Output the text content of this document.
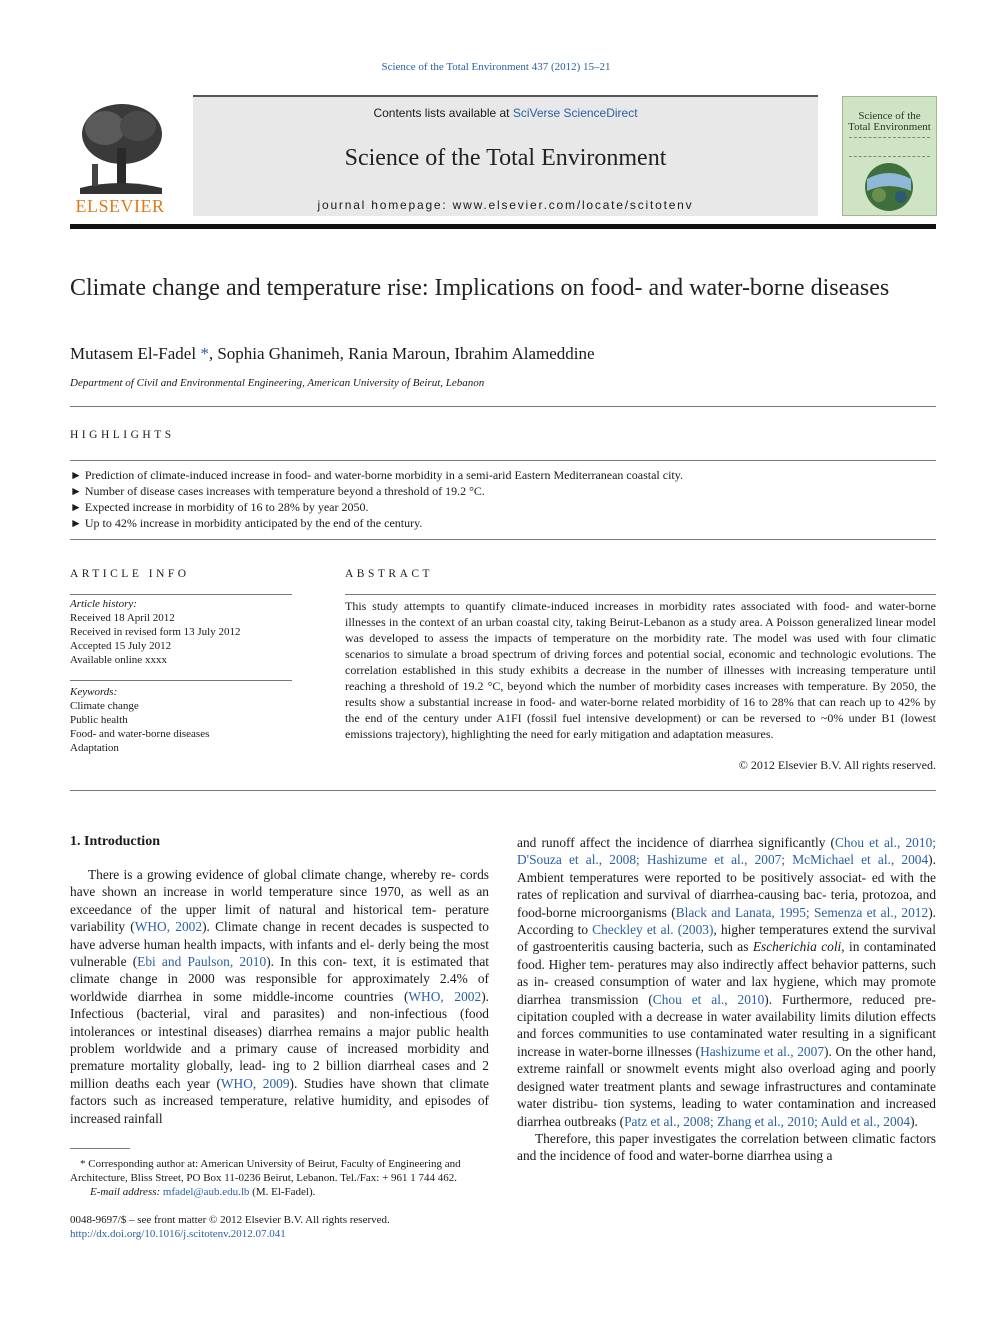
Science of the Total Environment 437 (2012) 15–21
ELSEVIER
Contents lists available at SciVerse ScienceDirect
Science of the Total Environment
journal homepage: www.elsevier.com/locate/scitotenv
Science of the Total Environment
Climate change and temperature rise: Implications on food- and water-borne diseases
Mutasem El-Fadel *, Sophia Ghanimeh, Rania Maroun, Ibrahim Alameddine
Department of Civil and Environmental Engineering, American University of Beirut, Lebanon
HIGHLIGHTS
► Prediction of climate-induced increase in food- and water-borne morbidity in a semi-arid Eastern Mediterranean coastal city.
► Number of disease cases increases with temperature beyond a threshold of 19.2 °C.
► Expected increase in morbidity of 16 to 28% by year 2050.
► Up to 42% increase in morbidity anticipated by the end of the century.
ARTICLE INFO
Article history:
Received 18 April 2012
Received in revised form 13 July 2012
Accepted 15 July 2012
Available online xxxx
Keywords:
Climate change
Public health
Food- and water-borne diseases
Adaptation
ABSTRACT
This study attempts to quantify climate-induced increases in morbidity rates associated with food- and water-borne illnesses in the context of an urban coastal city, taking Beirut-Lebanon as a study area. A Poisson generalized linear model was developed to assess the impacts of temperature on the morbidity rate. The model was used with four climatic scenarios to simulate a broad spectrum of driving forces and potential social, economic and technologic evolutions. The correlation established in this study exhibits a decrease in the number of illnesses with increasing temperature until reaching a threshold of 19.2 °C, beyond which the number of morbidity cases increases with temperature. By 2050, the results show a substantial increase in food- and water-borne related morbidity of 16 to 28% that can reach up to 42% by the end of the century under A1FI (fossil fuel intensive development) or can be reversed to ~0% under B1 (lowest emissions trajectory), highlighting the need for early mitigation and adaptation measures.
© 2012 Elsevier B.V. All rights reserved.
1. Introduction
There is a growing evidence of global climate change, whereby re- cords have shown an increase in world temperature since 1970, as well as an exceedance of the upper limit of natural and historical tem- perature variability (WHO, 2002). Climate change in recent decades is suspected to have adverse human health impacts, with infants and el- derly being the most vulnerable (Ebi and Paulson, 2010). In this con- text, it is estimated that climate change in 2000 was responsible for approximately 2.4% of worldwide diarrhea in some middle-income countries (WHO, 2002). Infectious (bacterial, viral and parasites) and non-infectious (food intolerances or intestinal diseases) diarrhea remains a major public health problem worldwide and a primary cause of increased morbidity and premature mortality globally, lead- ing to 2 billion diarrheal cases and 2 million deaths each year (WHO, 2009). Studies have shown that climate factors such as increased temperature, relative humidity, and episodes of increased rainfall
and runoff affect the incidence of diarrhea significantly (Chou et al., 2010; D'Souza et al., 2008; Hashizume et al., 2007; McMichael et al., 2004). Ambient temperatures were reported to be positively associat- ed with the rates of replication and survival of diarrhea-causing bac- teria, protozoa, and food-borne microorganisms (Black and Lanata, 1995; Semenza et al., 2012). According to Checkley et al. (2003), higher temperatures extend the survival of gastroenteritis causing bacteria, such as Escherichia coli, in contaminated food. Higher tem- peratures may also indirectly affect behavior patterns, such as in- creased consumption of water and lax hygiene, which may promote diarrhea transmission (Chou et al., 2010). Furthermore, reduced pre- cipitation coupled with a decrease in water availability limits dilution effects and forces communities to use contaminated water resulting in a significant increase in water-borne illnesses (Hashizume et al., 2007). On the other hand, extreme rainfall or snowmelt events might also overload aging and poorly designed water treatment plants and sewage infrastructures and contaminate water distribu- tion systems, leading to water contamination and increased diarrhea outbreaks (Patz et al., 2008; Zhang et al., 2010; Auld et al., 2004).
Therefore, this paper investigates the correlation between climatic factors and the incidence of food and water-borne diarrhea using a
* Corresponding author at: American University of Beirut, Faculty of Engineering and Architecture, Bliss Street, PO Box 11-0236 Beirut, Lebanon. Tel./Fax: + 961 1 744 462.
E-mail address: mfadel@aub.edu.lb (M. El-Fadel).
0048-9697/$ – see front matter © 2012 Elsevier B.V. All rights reserved.
http://dx.doi.org/10.1016/j.scitotenv.2012.07.041
